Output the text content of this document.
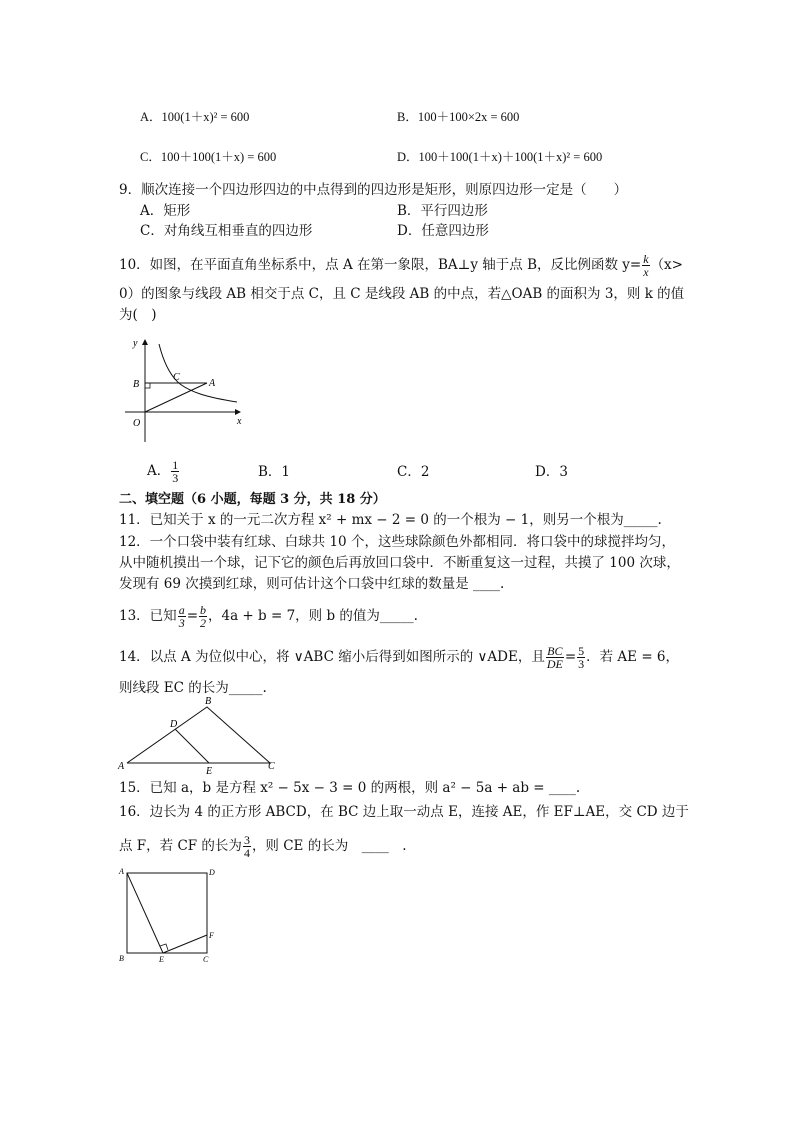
A．100(1＋x)² = 600	B．100＋100×2x = 600
C．100＋100(1＋x) = 600	D．100＋100(1＋x)＋100(1＋x)² = 600
9．顺次连接一个四边形四边的中点得到的四边形是矩形，则原四边形一定是（　　）
A．矩形	B．平行四边形
C．对角线互相垂直的四边形	D．任意四边形
10．如图，在平面直角坐标系中，点 A 在第一象限，BA⊥y 轴于点 B，反比例函数 $y= \frac{k}{x} (x>$
0）的图象与线段 AB 相交于点 C，且 C 是线段 AB 的中点，若△OAB 的面积为 3，则 k 的值
为(　)
y
x
O
B
C
A
A． $\frac{1}{3}$	B．1	C．2	D．3
二、填空题（6 小题，每题 3 分，共 18 分）
11．已知关于 x 的一元二次方程 x² + mx − 2 = 0 的一个根为 − 1，则另一个根为_____.
12．一个口袋中装有红球、白球共 10 个，这些球除颜色外都相同．将口袋中的球搅拌均匀，
从中随机摸出一个球，记下它的颜色后再放回口袋中．不断重复这一过程，共摸了 100 次球，
发现有 69 次摸到红球，则可估计这个口袋中红球的数量是 ____.
13．已知 $\frac{a}{3} = \frac{b}{2}$ ，4a + b = 7，则 b 的值为_____.
14．以点 A 为位似中心，将 ∨ABC 缩小后得到如图所示的 ∨ADE，且 $\frac{BC}{DE} = \frac{5}{3}$ ．若 AE = 6，
则线段 EC 的长为_____.
A
B
C
D
E
15．已知 a，b 是方程 x² − 5x − 3 = 0 的两根，则 a² − 5a + ab = ____.
16．边长为 4 的正方形 ABCD，在 BC 边上取一动点 E，连接 AE，作 EF⊥AE，交 CD 边于
点 F，若 CF 的长为 $\frac{3}{4}$ ，则 CE 的长为　____　.
A
B	C
D
E
F
